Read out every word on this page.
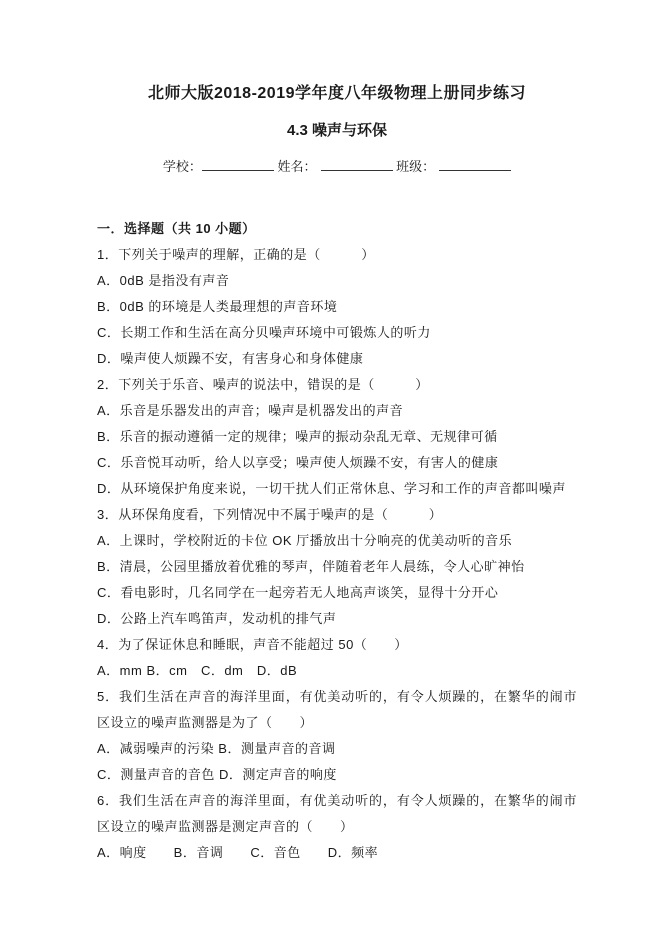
北师大版2018-2019学年度八年级物理上册同步练习
4.3 噪声与环保
学校：	姓名：	班级：

一．选择题（共 10 小题）

1．下列关于噪声的理解，正确的是（　　　）

A．0dB 是指没有声音

B．0dB 的环境是人类最理想的声音环境

C．长期工作和生活在高分贝噪声环境中可锻炼人的听力

D．噪声使人烦躁不安，有害身心和身体健康

2．下列关于乐音、噪声的说法中，错误的是（　　　）

A．乐音是乐器发出的声音；噪声是机器发出的声音

B．乐音的振动遵循一定的规律；噪声的振动杂乱无章、无规律可循

C．乐音悦耳动听，给人以享受；噪声使人烦躁不安，有害人的健康

D．从环境保护角度来说，一切干扰人们正常休息、学习和工作的声音都叫噪声

3．从环保角度看，下列情况中不属于噪声的是（　　　）

A．上课时，学校附近的卡位 OK 厅播放出十分响亮的优美动听的音乐

B．清晨，公园里播放着优雅的琴声，伴随着老年人晨练，令人心旷神怡

C．看电影时，几名同学在一起旁若无人地高声谈笑，显得十分开心

D．公路上汽车鸣笛声，发动机的排气声

4．为了保证休息和睡眠，声音不能超过 50（　　）

A．mm B．cm　C．dm　D．dB

5．我们生活在声音的海洋里面，有优美动听的，有令人烦躁的，在繁华的闹市区设立的噪声监测器是为了（　　）

A．减弱噪声的污染 B．测量声音的音调

C．测量声音的音色 D．测定声音的响度

6．我们生活在声音的海洋里面，有优美动听的，有令人烦躁的，在繁华的闹市区设立的噪声监测器是测定声音的（　　）

A．响度　　B．音调　　C．音色　　D．频率
